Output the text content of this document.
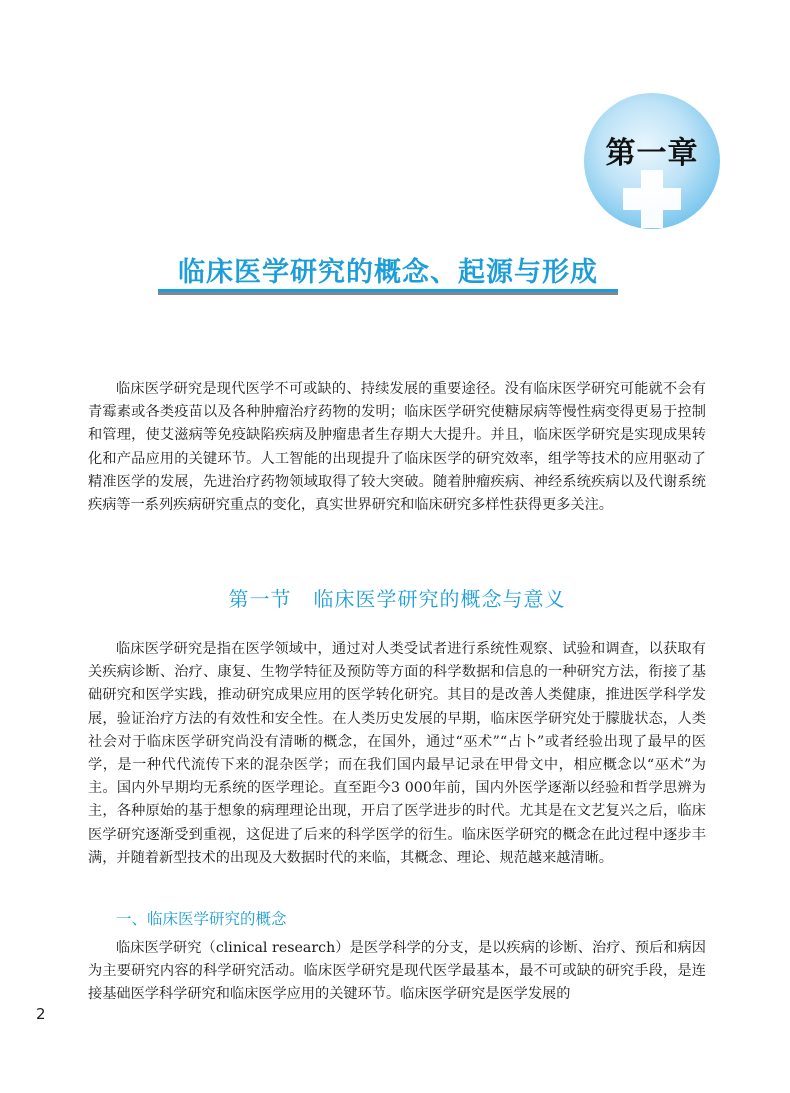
第一章
临床医学研究的概念、起源与形成

临床医学研究是现代医学不可或缺的、持续发展的重要途径。没有临床医学研究可能就不会有青霉素或各类疫苗以及各种肿瘤治疗药物的发明；临床医学研究使糖尿病等慢性病变得更易于控制和管理，使艾滋病等免疫缺陷疾病及肿瘤患者生存期大大提升。并且，临床医学研究是实现成果转化和产品应用的关键环节。人工智能的出现提升了临床医学的研究效率，组学等技术的应用驱动了精准医学的发展，先进治疗药物领域取得了较大突破。随着肿瘤疾病、神经系统疾病以及代谢系统疾病等一系列疾病研究重点的变化，真实世界研究和临床研究多样性获得更多关注。

第一节 临床医学研究的概念与意义

临床医学研究是指在医学领域中，通过对人类受试者进行系统性观察、试验和调查，以获取有关疾病诊断、治疗、康复、生物学特征及预防等方面的科学数据和信息的一种研究方法，衔接了基础研究和医学实践，推动研究成果应用的医学转化研究。其目的是改善人类健康，推进医学科学发展，验证治疗方法的有效性和安全性。在人类历史发展的早期，临床医学研究处于朦胧状态，人类社会对于临床医学研究尚没有清晰的概念，在国外，通过“巫术”“占卜”或者经验出现了最早的医学，是一种代代流传下来的混杂医学；而在我们国内最早记录在甲骨文中，相应概念以“巫术”为主。国内外早期均无系统的医学理论。直至距今3 000年前，国内外医学逐渐以经验和哲学思辨为主，各种原始的基于想象的病理理论出现，开启了医学进步的时代。尤其是在文艺复兴之后，临床医学研究逐渐受到重视，这促进了后来的科学医学的衍生。临床医学研究的概念在此过程中逐步丰满，并随着新型技术的出现及大数据时代的来临，其概念、理论、规范越来越清晰。

一、临床医学研究的概念

临床医学研究（clinical research）是医学科学的分支，是以疾病的诊断、治疗、预后和病因为主要研究内容的科学研究活动。临床医学研究是现代医学最基本，最不可或缺的研究手段，是连接基础医学科学研究和临床医学应用的关键环节。临床医学研究是医学发展的

2
